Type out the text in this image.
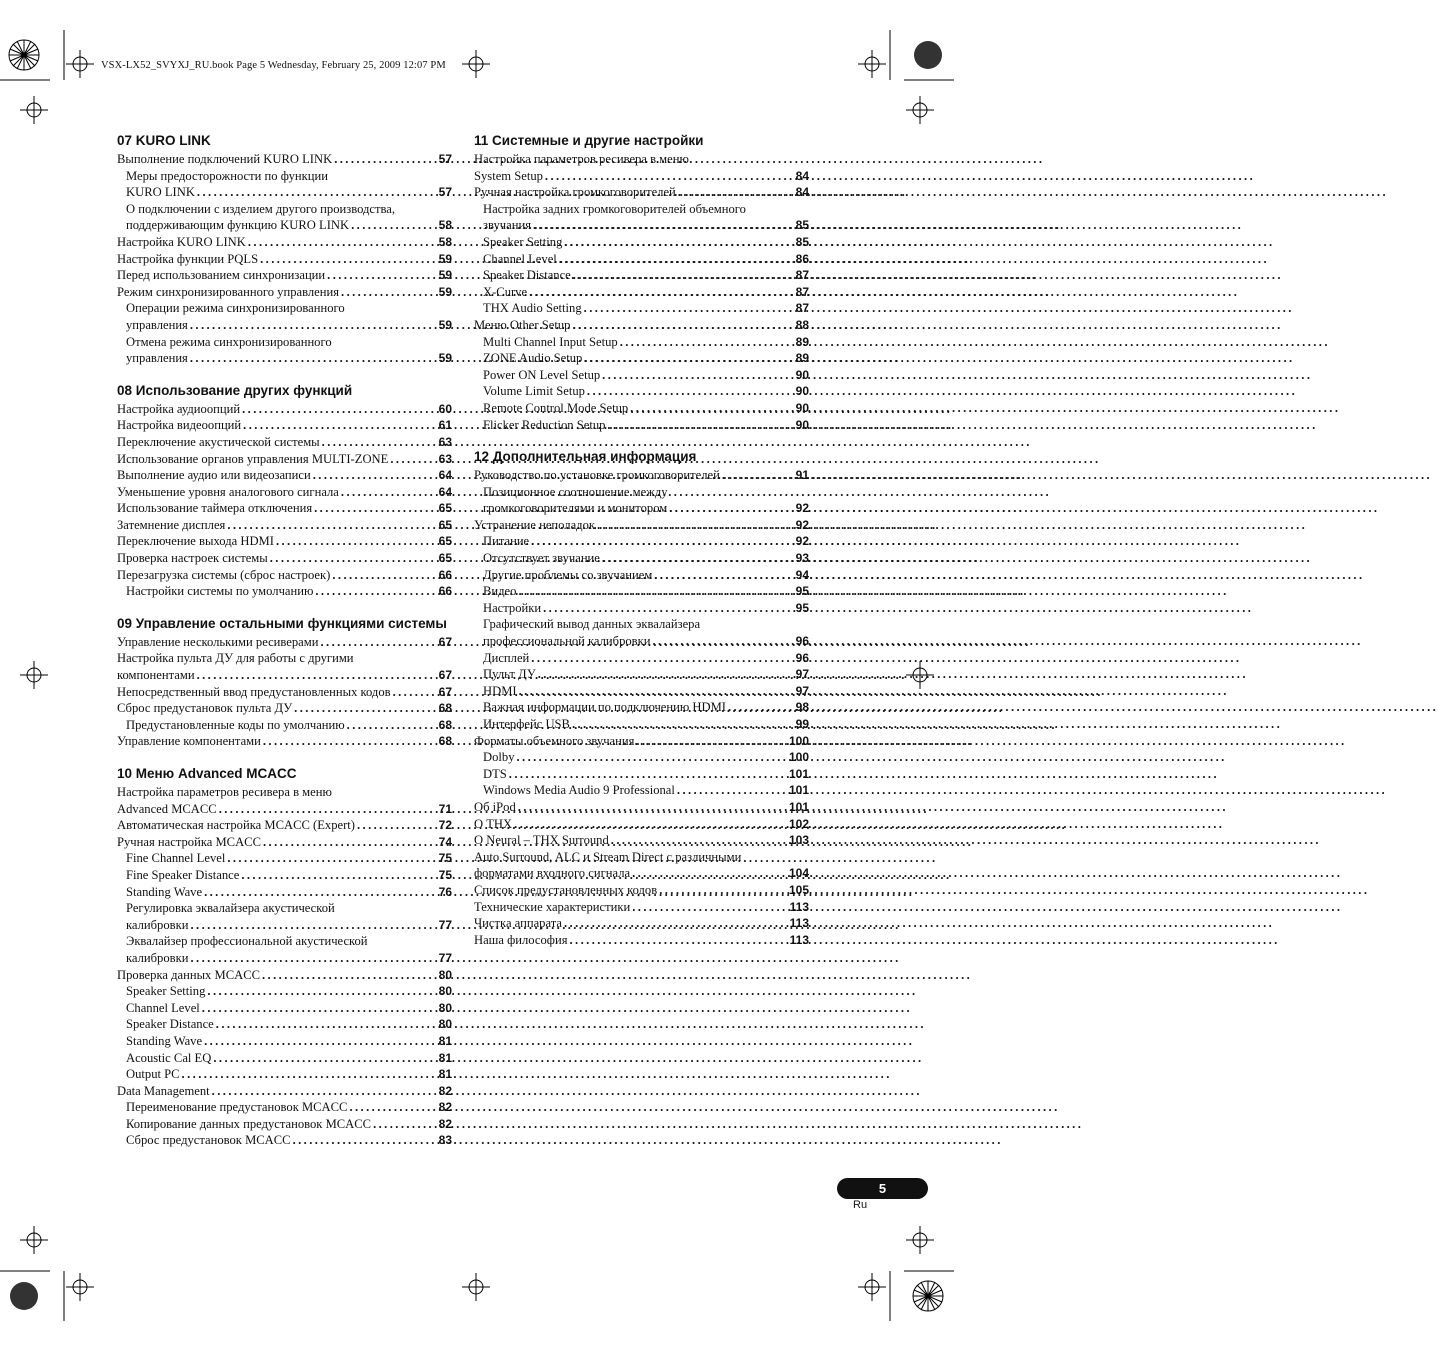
VSX-LX52_SVYXJ_RU.book Page 5 Wednesday, February 25, 2009 12:07 PM
07 KURO LINK
Выполнение подключений KURO LINK .....	57
Меры предосторожности по функции
KURO LINK .....	57
О подключении с изделием другого производства,
поддерживающим функцию KURO LINK .....	58
Настройка KURO LINK .....	58
Настройка функции PQLS .....	59
Перед использованием синхронизации .....	59
Режим синхронизированного управления .....	59
Операции режима синхронизированного
управления .....	59
Отмена режима синхронизированного
управления .....	59
08 Использование других функций
Настройка аудиоопций .....	60
Настройка видеоопций .....	61
Переключение акустической системы .....	63
Использование органов управления MULTI-ZONE .....	63
Выполнение аудио или видеозаписи .....	64
Уменьшение уровня аналогового сигнала .....	64
Использование таймера отключения .....	65
Затемнение дисплея .....	65
Переключение выхода HDMI .....	65
Проверка настроек системы .....	65
Перезагрузка системы (сброс настроек) .....	66
Настройки системы по умолчанию .....	66
09 Управление остальными функциями системы
Управление несколькими ресиверами .....	67
Настройка пульта ДУ для работы с другими
компонентами .....	67
Непосредственный ввод предустановленных кодов .....	67
Сброс предустановок пульта ДУ .....	68
Предустановленные коды по умолчанию .....	68
Управление компонентами .....	68
10 Меню Advanced MCACC
Настройка параметров ресивера в меню
Advanced MCACC .....	71
Автоматическая настройка MCACC (Expert) .....	72
Ручная настройка MCACC .....	74
Fine Channel Level .....	75
Fine Speaker Distance .....	75
Standing Wave .....	76
Регулировка эквалайзера акустической
калибровки .....	77
Эквалайзер профессиональной акустической
калибровки .....	77
Проверка данных MCACC .....	80
Speaker Setting .....	80
Channel Level .....	80
Speaker Distance .....	80
Standing Wave .....	81
Acoustic Cal EQ .....	81
Output PC .....	81
Data Management .....	82
Переименование предустановок MCACC .....	82
Копирование данных предустановок MCACC .....	82
Сброс предустановок MCACC .....	83
11 Системные и другие настройки
Настройка параметров ресивера в меню
System Setup .....	84
Ручная настройка громкоговорителей .....	84
Настройка задних громкоговорителей объемного
звучания .....	85
Speaker Setting .....	85
Channel Level .....	86
Speaker Distance .....	87
X-Curve .....	87
THX Audio Setting .....	87
Меню Other Setup .....	88
Multi Channel Input Setup .....	89
ZONE Audio Setup .....	89
Power ON Level Setup .....	90
Volume Limit Setup .....	90
Remote Control Mode Setup .....	90
Flicker Reduction Setup .....	90
12 Дополнительная информация
Руководство по установке громкоговорителей .....	91
Позиционное соотношение между
громкоговорителями и монитором .....	92
Устранение неполадок .....	92
Питание .....	92
Отсутствует звучание .....	93
Другие проблемы со звучанием .....	94
Видео .....	95
Настройки .....	95
Графический вывод данных эквалайзера
профессиональной калибровки .....	96
Дисплей .....	96
Пульт ДУ .....	97
HDMI .....	97
Важная информации по подключению HDMI .....	98
Интерфейс USB .....	99
Форматы объемного звучания .....	100
Dolby .....	100
DTS .....	101
Windows Media Audio 9 Professional .....	101
Об iPod .....	101
О THX .....	102
О Neural – THX Surround .....	103
Auto Surround, ALC и Stream Direct с различными
форматами входного сигнала .....	104
Список предустановленных кодов .....	105
Технические характеристики .....	113
Чистка аппарата .....	113
Наша философия .....	113
5
Ru
